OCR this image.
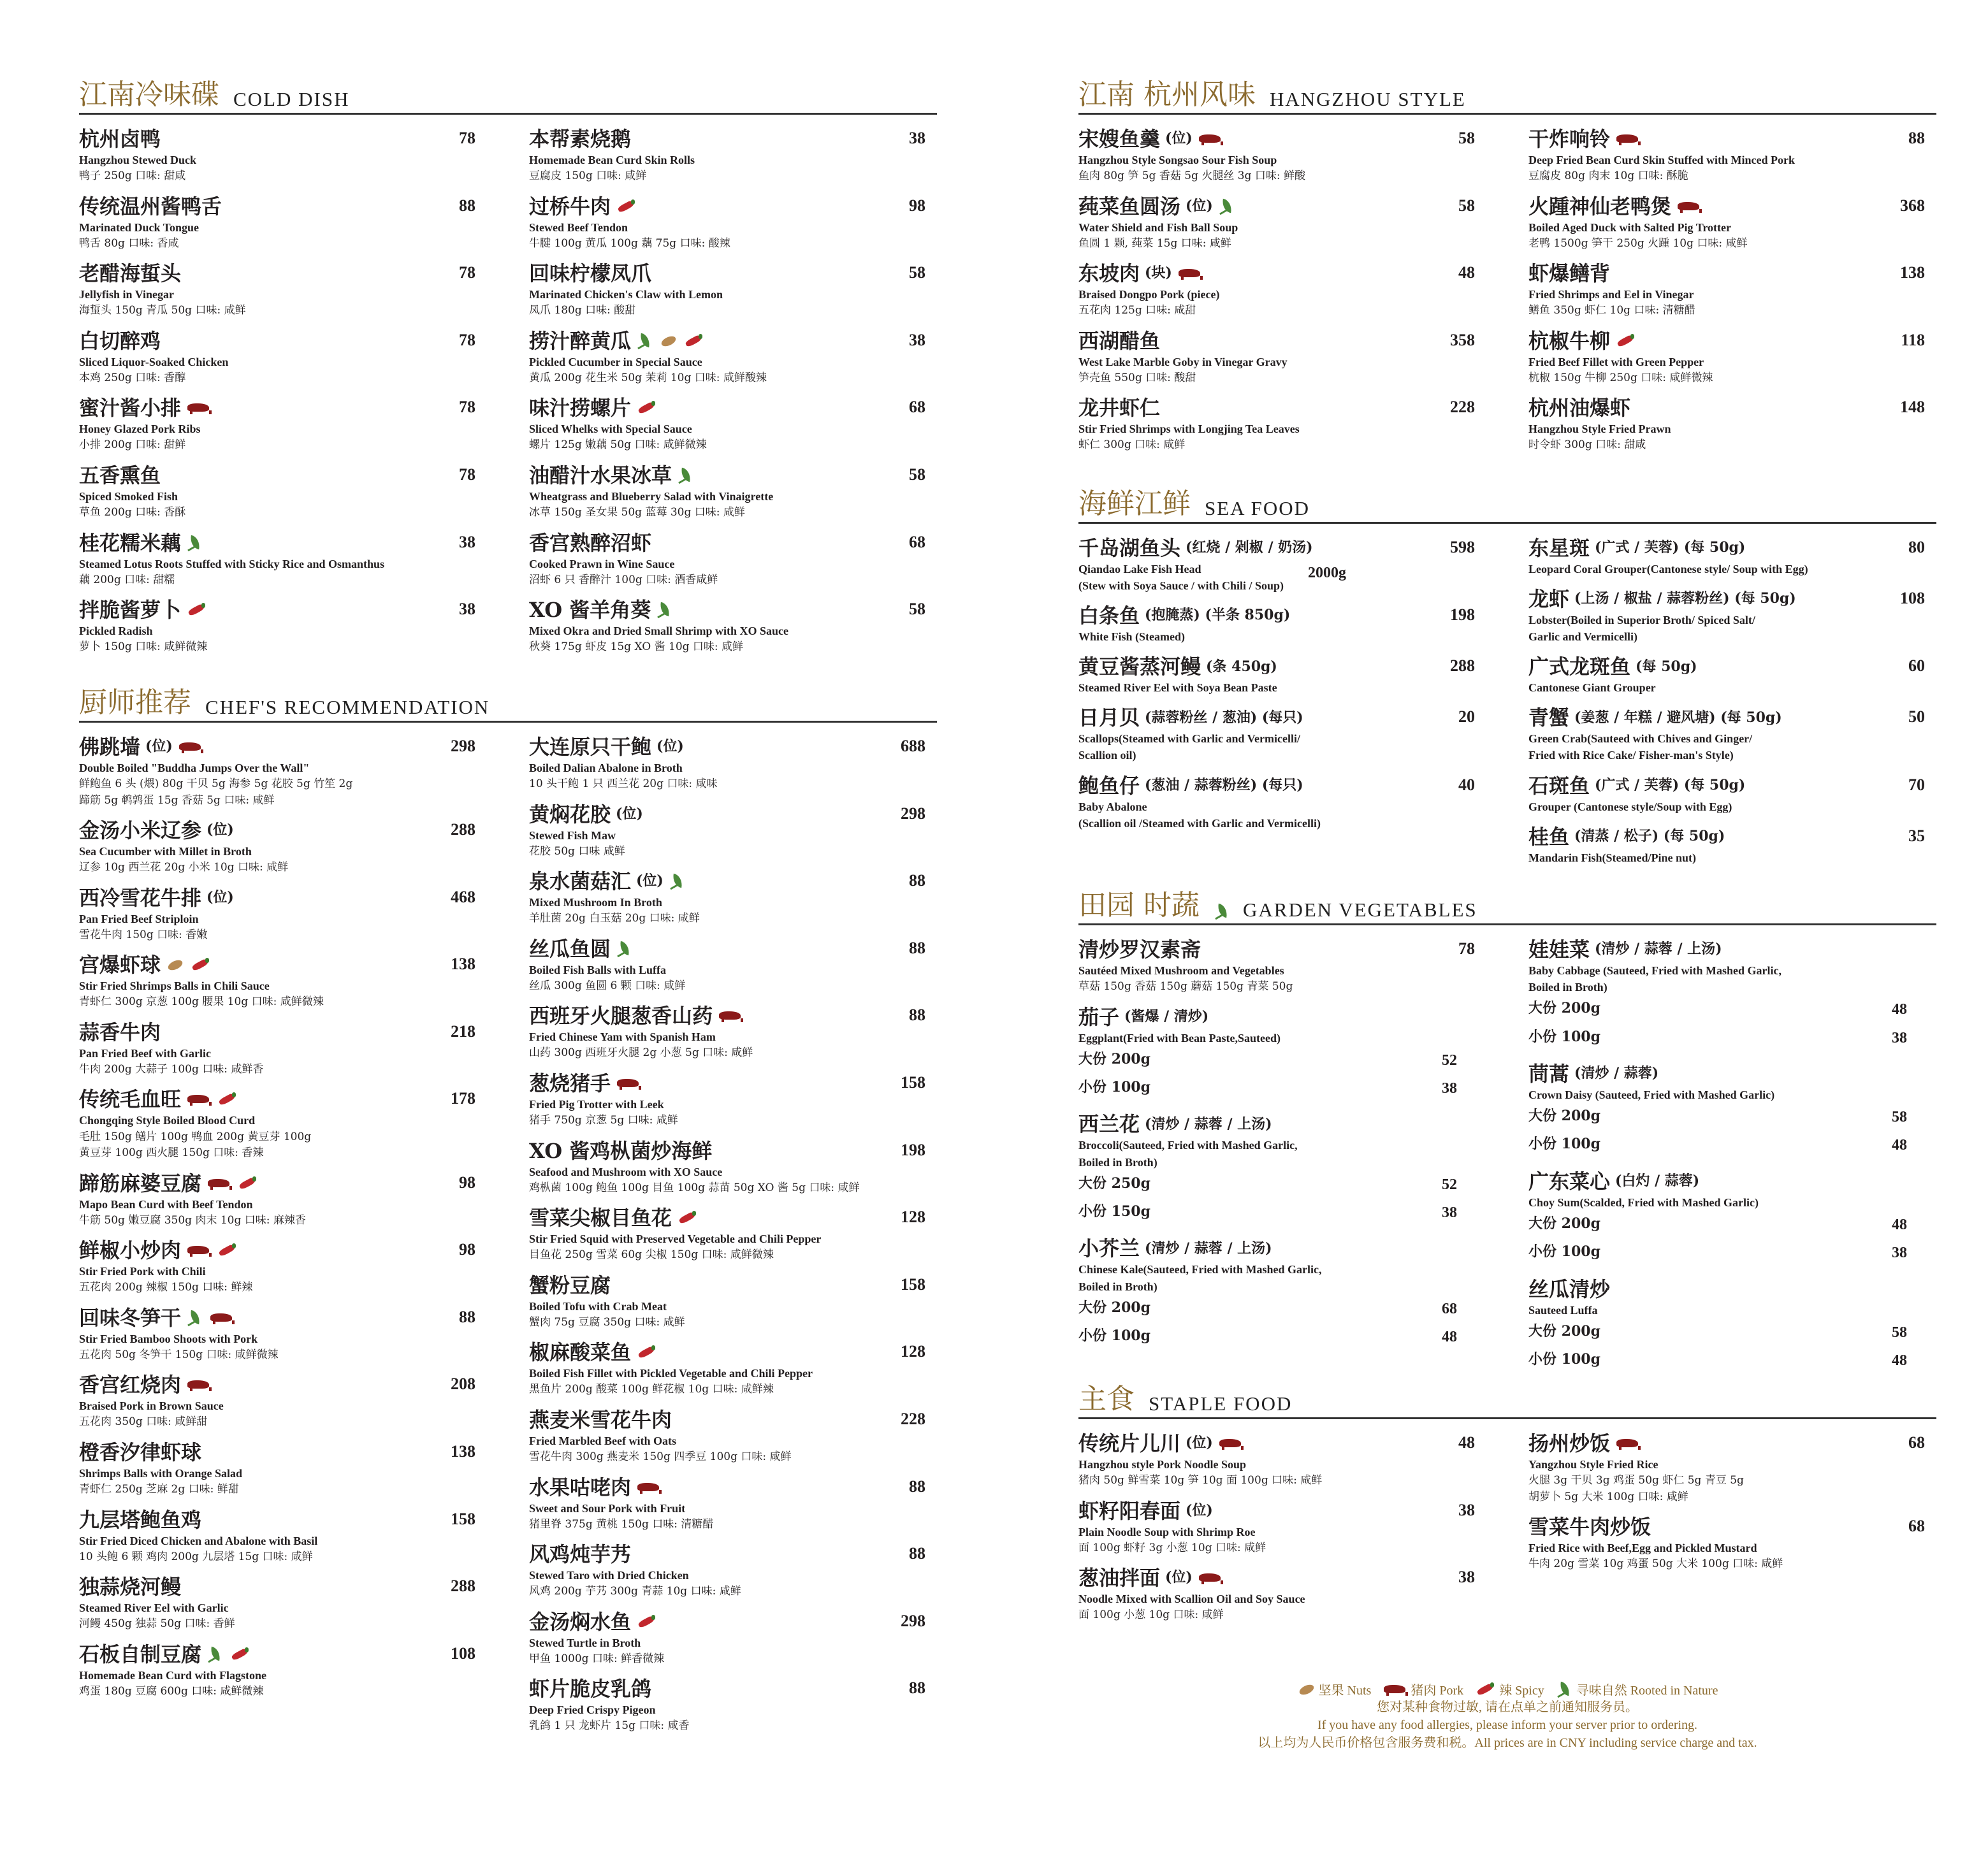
江南冷味碟 COLD DISH
杭州卤鸭	78
Hangzhou Stewed Duck
鸭子 250g 口味: 甜咸
传统温州酱鸭舌	88
Marinated Duck Tongue
鸭舌 80g 口味: 香咸
老醋海蜇头	78
Jellyfish in Vinegar
海蜇头 150g 青瓜 50g 口味: 咸鲜
白切醉鸡	78
Sliced Liquor-Soaked Chicken
本鸡 250g 口味: 香醇
蜜汁酱小排	78
Honey Glazed Pork Ribs
小排 200g 口味: 甜鲜
五香熏鱼	78
Spiced Smoked Fish
草鱼 200g 口味: 香酥
桂花糯米藕	38
Steamed Lotus Roots Stuffed with Sticky Rice and Osmanthus
藕 200g 口味: 甜糯
拌脆酱萝卜	38
Pickled Radish
萝卜 150g 口味: 咸鲜微辣
本帮素烧鹅	38
Homemade Bean Curd Skin Rolls
豆腐皮 150g 口味: 咸鲜
过桥牛肉	98
Stewed Beef Tendon
牛腱 100g 黄瓜 100g 藕 75g 口味: 酸辣
回味柠檬凤爪	58
Marinated Chicken's Claw with Lemon
凤爪 180g 口味: 酸甜
捞汁醉黄瓜	38
Pickled Cucumber in Special Sauce
黄瓜 200g 花生米 50g 茉莉 10g 口味: 咸鲜酸辣
味汁捞螺片	68
Sliced Whelks with Special Sauce
螺片 125g 嫩藕 50g 口味: 咸鲜微辣
油醋汁水果冰草	58
Wheatgrass and Blueberry Salad with Vinaigrette
冰草 150g 圣女果 50g 蓝莓 30g 口味: 咸鲜
香宫熟醉沼虾	68
Cooked Prawn in Wine Sauce
沼虾 6 只 香醉汁 100g 口味: 酒香咸鲜
XO 酱羊角葵	58
Mixed Okra and Dried Small Shrimp with XO Sauce
秋葵 175g 虾皮 15g XO 酱 10g 口味: 咸鲜
厨师推荐 CHEF'S RECOMMENDATION
佛跳墙 (位)	298
Double Boiled "Buddha Jumps Over the Wall"
鲜鲍鱼 6 头 (煨) 80g 干贝 5g 海参 5g 花胶 5g 竹笙 2g
蹄筋 5g 鹌鹑蛋 15g 香菇 5g 口味: 咸鲜
金汤小米辽参 (位)	288
Sea Cucumber with Millet in Broth
辽参 10g 西兰花 20g 小米 10g 口味: 咸鲜
西冷雪花牛排 (位)	468
Pan Fried Beef Striploin
雪花牛肉 150g 口味: 香嫩
宫爆虾球	138
Stir Fried Shrimps Balls in Chili Sauce
青虾仁 300g 京葱 100g 腰果 10g 口味: 咸鲜微辣
蒜香牛肉	218
Pan Fried Beef with Garlic
牛肉 200g 大蒜子 100g 口味: 咸鲜香
传统毛血旺	178
Chongqing Style Boiled Blood Curd
毛肚 150g 鳝片 100g 鸭血 200g 黄豆芽 100g
黄豆芽 100g 西火腿 150g 口味: 香辣
蹄筋麻婆豆腐	98
Mapo Bean Curd with Beef Tendon
牛筋 50g 嫩豆腐 350g 肉末 10g 口味: 麻辣香
鲜椒小炒肉	98
Stir Fried Pork with Chili
五花肉 200g 辣椒 150g 口味: 鲜辣
回味冬笋干	88
Stir Fried Bamboo Shoots with Pork
五花肉 50g 冬笋干 150g 口味: 咸鲜微辣
香宫红烧肉	208
Braised Pork in Brown Sauce
五花肉 350g 口味: 咸鲜甜
橙香汐律虾球	138
Shrimps Balls with Orange Salad
青虾仁 250g 芝麻 2g 口味: 鲜甜
九层塔鲍鱼鸡	158
Stir Fried Diced Chicken and Abalone with Basil
10 头鲍 6 颗 鸡肉 200g 九层塔 15g 口味: 咸鲜
独蒜烧河鳗	288
Steamed River Eel with Garlic
河鳗 450g 独蒜 50g 口味: 香鲜
石板自制豆腐	108
Homemade Bean Curd with Flagstone
鸡蛋 180g 豆腐 600g 口味: 咸鲜微辣
大连原只干鲍 (位)	688
Boiled Dalian Abalone in Broth
10 头干鲍 1 只 西兰花 20g 口味: 咸味
黄焖花胶 (位)	298
Stewed Fish Maw
花胶 50g 口味 咸鲜
泉水菌菇汇 (位)	88
Mixed Mushroom In Broth
羊肚菌 20g 白玉菇 20g 口味: 咸鲜
丝瓜鱼圆	88
Boiled Fish Balls with Luffa
丝瓜 300g 鱼圆 6 颗 口味: 咸鲜
西班牙火腿葱香山药	88
Fried Chinese Yam with Spanish Ham
山药 300g 西班牙火腿 2g 小葱 5g 口味: 咸鲜
葱烧猪手	158
Fried Pig Trotter with Leek
猪手 750g 京葱 5g 口味: 咸鲜
XO 酱鸡枞菌炒海鲜	198
Seafood and Mushroom with XO Sauce
鸡枞菌 100g 鲍鱼 100g 目鱼 100g 蒜苗 50g XO 酱 5g 口味: 咸鲜
雪菜尖椒目鱼花	128
Stir Fried Squid with Preserved Vegetable and Chili Pepper
目鱼花 250g 雪菜 60g 尖椒 150g 口味: 咸鲜微辣
蟹粉豆腐	158
Boiled Tofu with Crab Meat
蟹肉 75g 豆腐 350g 口味: 咸鲜
椒麻酸菜鱼	128
Boiled Fish Fillet with Pickled Vegetable and Chili Pepper
黑鱼片 200g 酸菜 100g 鲜花椒 10g 口味: 咸鲜辣
燕麦米雪花牛肉	228
Fried Marbled Beef with Oats
雪花牛肉 300g 燕麦米 150g 四季豆 100g 口味: 咸鲜
水果咕咾肉	88
Sweet and Sour Pork with Fruit
猪里脊 375g 黄桃 150g 口味: 清糖醋
风鸡炖芋艿	88
Stewed Taro with Dried Chicken
风鸡 200g 芋艿 300g 青蒜 10g 口味: 咸鲜
金汤焖水鱼	298
Stewed Turtle in Broth
甲鱼 1000g 口味: 鲜香微辣
虾片脆皮乳鸽	88
Deep Fried Crispy Pigeon
乳鸽 1 只 龙虾片 15g 口味: 咸香
江南 杭州风味 HANGZHOU STYLE
宋嫂鱼羹 (位)	58
Hangzhou Style Songsao Sour Fish Soup
鱼肉 80g 笋 5g 香菇 5g 火腿丝 3g 口味: 鲜酸
莼菜鱼圆汤 (位)	58
Water Shield and Fish Ball Soup
鱼圆 1 颗, 莼菜 15g 口味: 咸鲜
东坡肉 (块)	48
Braised Dongpo Pork (piece)
五花肉 125g 口味: 咸甜
西湖醋鱼	358
West Lake Marble Goby in Vinegar Gravy
笋壳鱼 550g 口味: 酸甜
龙井虾仁	228
Stir Fried Shrimps with Longjing Tea Leaves
虾仁 300g 口味: 咸鲜
干炸响铃	88
Deep Fried Bean Curd Skin Stuffed with Minced Pork
豆腐皮 80g 肉末 10g 口味: 酥脆
火踵神仙老鸭煲	368
Boiled Aged Duck with Salted Pig Trotter
老鸭 1500g 笋干 250g 火踵 10g 口味: 咸鲜
虾爆鳝背	138
Fried Shrimps and Eel in Vinegar
鳝鱼 350g 虾仁 10g 口味: 清糖醋
杭椒牛柳	118
Fried Beef Fillet with Green Pepper
杭椒 150g 牛柳 250g 口味: 咸鲜微辣
杭州油爆虾	148
Hangzhou Style Fried Prawn
时令虾 300g 口味: 甜咸
海鲜江鲜 SEA FOOD
千岛湖鱼头 (红烧 / 剁椒 / 奶汤)	598
2000g
Qiandao Lake Fish Head
(Stew with Soya Sauce / with Chili / Soup)
白条鱼 (抱腌蒸) (半条 850g)	198
White Fish (Steamed)
黄豆酱蒸河鳗 (条 450g)	288
Steamed River Eel with Soya Bean Paste
日月贝 (蒜蓉粉丝 / 葱油) (每只)	20
Scallops(Steamed with Garlic and Vermicelli/
Scallion oil)
鲍鱼仔 (葱油 / 蒜蓉粉丝) (每只)	40
Baby Abalone
(Scallion oil /Steamed with Garlic and Vermicelli)
东星斑 (广式 / 芙蓉) (每 50g)	80
Leopard Coral Grouper(Cantonese style/ Soup with Egg)
龙虾 (上汤 / 椒盐 / 蒜蓉粉丝) (每 50g)	108
Lobster(Boiled in Superior Broth/ Spiced Salt/
Garlic and Vermicelli)
广式龙斑鱼 (每 50g)	60
Cantonese Giant Grouper
青蟹 (姜葱 / 年糕 / 避风塘) (每 50g)	50
Green Crab(Sauteed with Chives and Ginger/
Fried with Rice Cake/ Fisher-man's Style)
石斑鱼 (广式 / 芙蓉) (每 50g)	70
Grouper (Cantonese style/Soup with Egg)
桂鱼 (清蒸 / 松子) (每 50g)	35
Mandarin Fish(Steamed/Pine nut)
田园 时蔬 GARDEN VEGETABLES
清炒罗汉素斋	78
Sautéed Mixed Mushroom and Vegetables
草菇 150g 香菇 150g 蘑菇 150g 青菜 50g
茄子 (酱爆 / 清炒)
Eggplant(Fried with Bean Paste,Sauteed)
大份 200g	52
小份 100g	38
西兰花 (清炒 / 蒜蓉 / 上汤)
Broccoli(Sauteed, Fried with Mashed Garlic,
Boiled in Broth)
大份 250g	52
小份 150g	38
小芥兰 (清炒 / 蒜蓉 / 上汤)
Chinese Kale(Sauteed, Fried with Mashed Garlic,
Boiled in Broth)
大份 200g	68
小份 100g	48
娃娃菜 (清炒 / 蒜蓉 / 上汤)
Baby Cabbage (Sauteed, Fried with Mashed Garlic,
Boiled in Broth)
大份 200g	48
小份 100g	38
茼蒿 (清炒 / 蒜蓉)
Crown Daisy (Sauteed, Fried with Mashed Garlic)
大份 200g	58
小份 100g	48
广东菜心 (白灼 / 蒜蓉)
Choy Sum(Scalded, Fried with Mashed Garlic)
大份 200g	48
小份 100g	38
丝瓜清炒
Sauteed Luffa
大份 200g	58
小份 100g	48
主食 STAPLE FOOD
传统片儿川 (位)	48
Hangzhou style Pork Noodle Soup
猪肉 50g 鲜雪菜 10g 笋 10g 面 100g 口味: 咸鲜
虾籽阳春面 (位)	38
Plain Noodle Soup with Shrimp Roe
面 100g 虾籽 3g 小葱 10g 口味: 咸鲜
葱油拌面 (位)	38
Noodle Mixed with Scallion Oil and Soy Sauce
面 100g 小葱 10g 口味: 咸鲜
扬州炒饭	68
Yangzhou Style Fried Rice
火腿 3g 干贝 3g 鸡蛋 50g 虾仁 5g 青豆 5g
胡萝卜 5g 大米 100g 口味: 咸鲜
雪菜牛肉炒饭	68
Fried Rice with Beef,Egg and Pickled Mustard
牛肉 20g 雪菜 10g 鸡蛋 50g 大米 100g 口味: 咸鲜
坚果 Nuts	猪肉 Pork	辣 Spicy	寻味自然 Rooted in Nature
您对某种食物过敏, 请在点单之前通知服务员。
If you have any food allergies, please inform your server prior to ordering.
以上均为人民币价格包含服务费和税。All prices are in CNY including service charge and tax.
